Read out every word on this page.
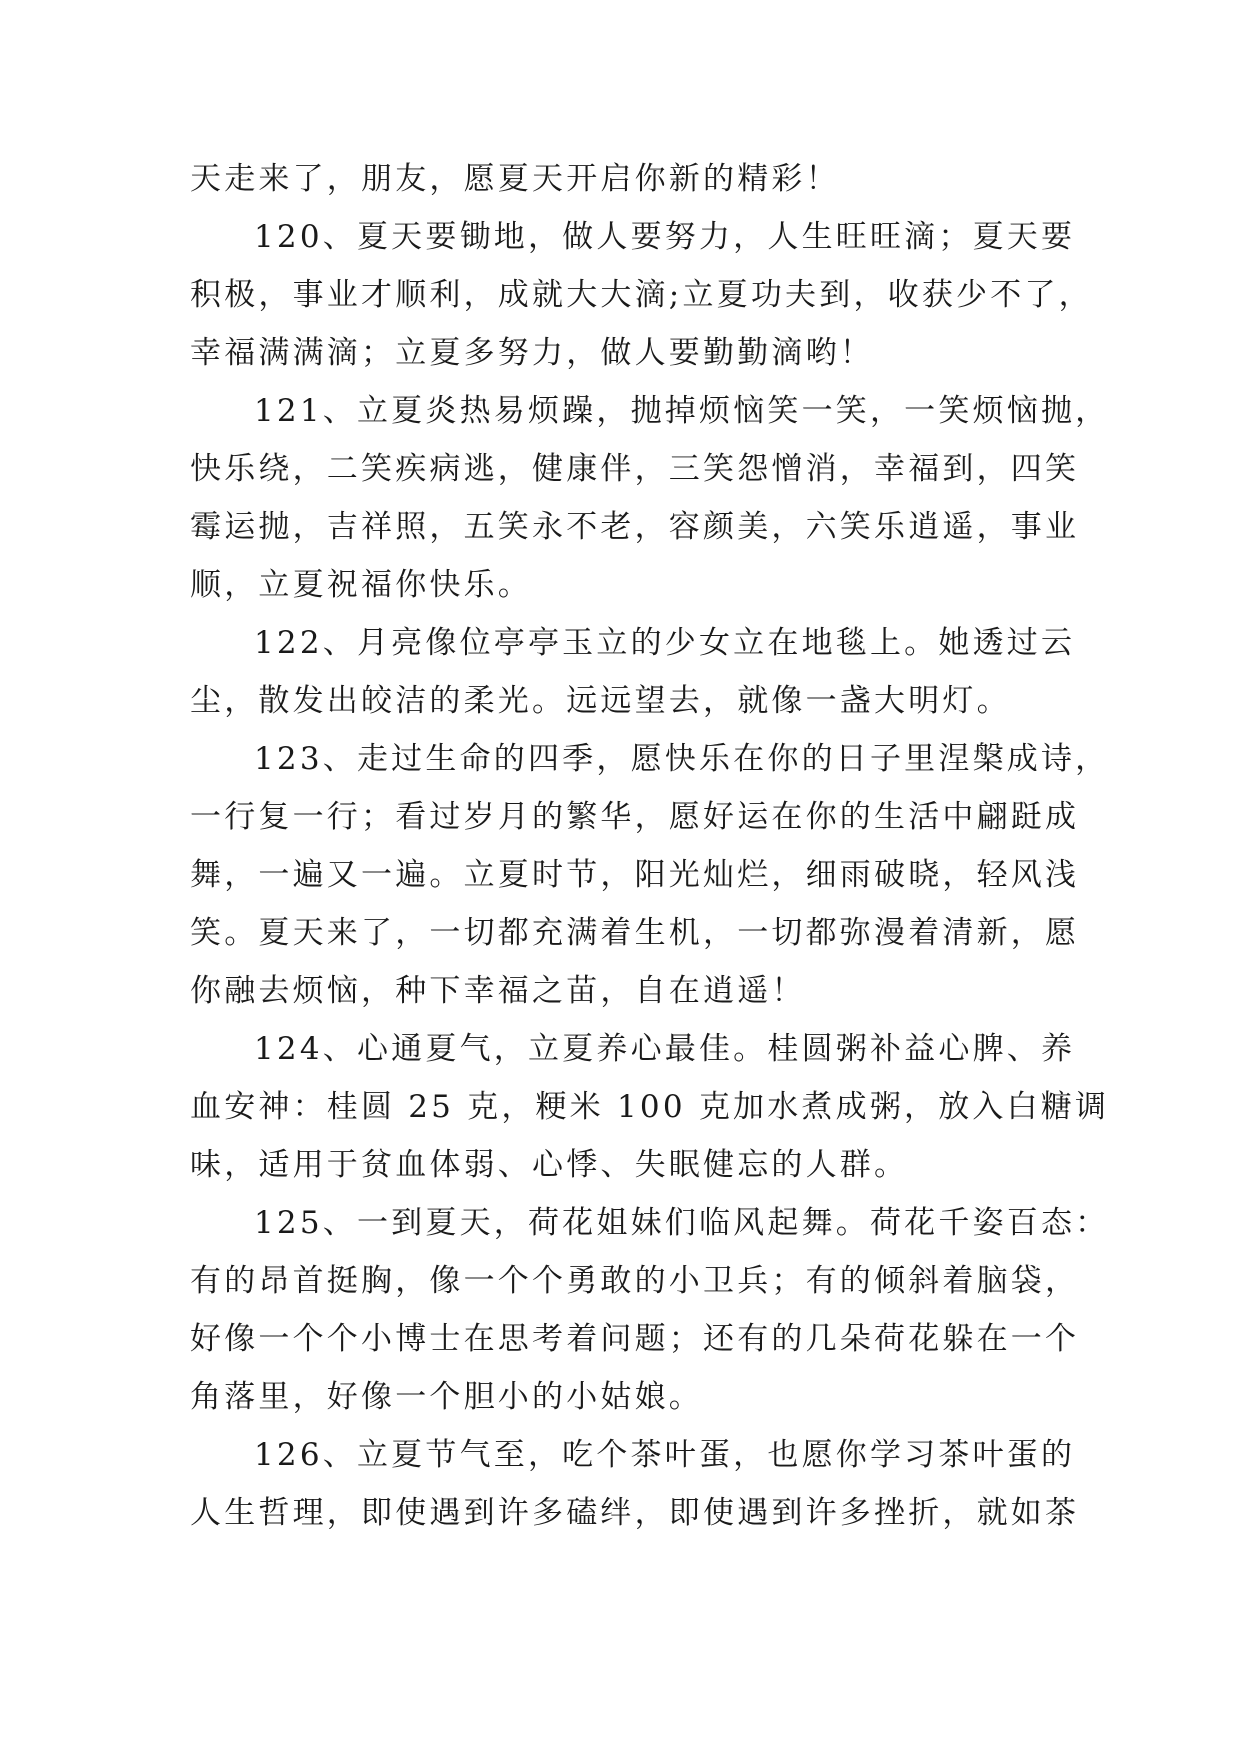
天走来了，朋友，愿夏天开启你新的精彩！
120、夏天要锄地，做人要努力，人生旺旺滴；夏天要
积极，事业才顺利，成就大大滴;立夏功夫到，收获少不了，
幸福满满滴；立夏多努力，做人要勤勤滴哟！
121、立夏炎热易烦躁，抛掉烦恼笑一笑，一笑烦恼抛，
快乐绕，二笑疾病逃，健康伴，三笑怨憎消，幸福到，四笑
霉运抛，吉祥照，五笑永不老，容颜美，六笑乐逍遥，事业
顺，立夏祝福你快乐。
122、月亮像位亭亭玉立的少女立在地毯上。她透过云
尘，散发出皎洁的柔光。远远望去，就像一盏大明灯。
123、走过生命的四季，愿快乐在你的日子里涅槃成诗，
一行复一行；看过岁月的繁华，愿好运在你的生活中翩跹成
舞，一遍又一遍。立夏时节，阳光灿烂，细雨破晓，轻风浅
笑。夏天来了，一切都充满着生机，一切都弥漫着清新，愿
你融去烦恼，种下幸福之苗，自在逍遥！
124、心通夏气，立夏养心最佳。桂圆粥补益心脾、养
血安神：桂圆 25 克，粳米 100 克加水煮成粥，放入白糖调
味，适用于贫血体弱、心悸、失眠健忘的人群。
125、一到夏天，荷花姐妹们临风起舞。荷花千姿百态：
有的昂首挺胸，像一个个勇敢的小卫兵；有的倾斜着脑袋，
好像一个个小博士在思考着问题；还有的几朵荷花躲在一个
角落里，好像一个胆小的小姑娘。
126、立夏节气至，吃个茶叶蛋，也愿你学习茶叶蛋的
人生哲理，即使遇到许多磕绊，即使遇到许多挫折，就如茶
